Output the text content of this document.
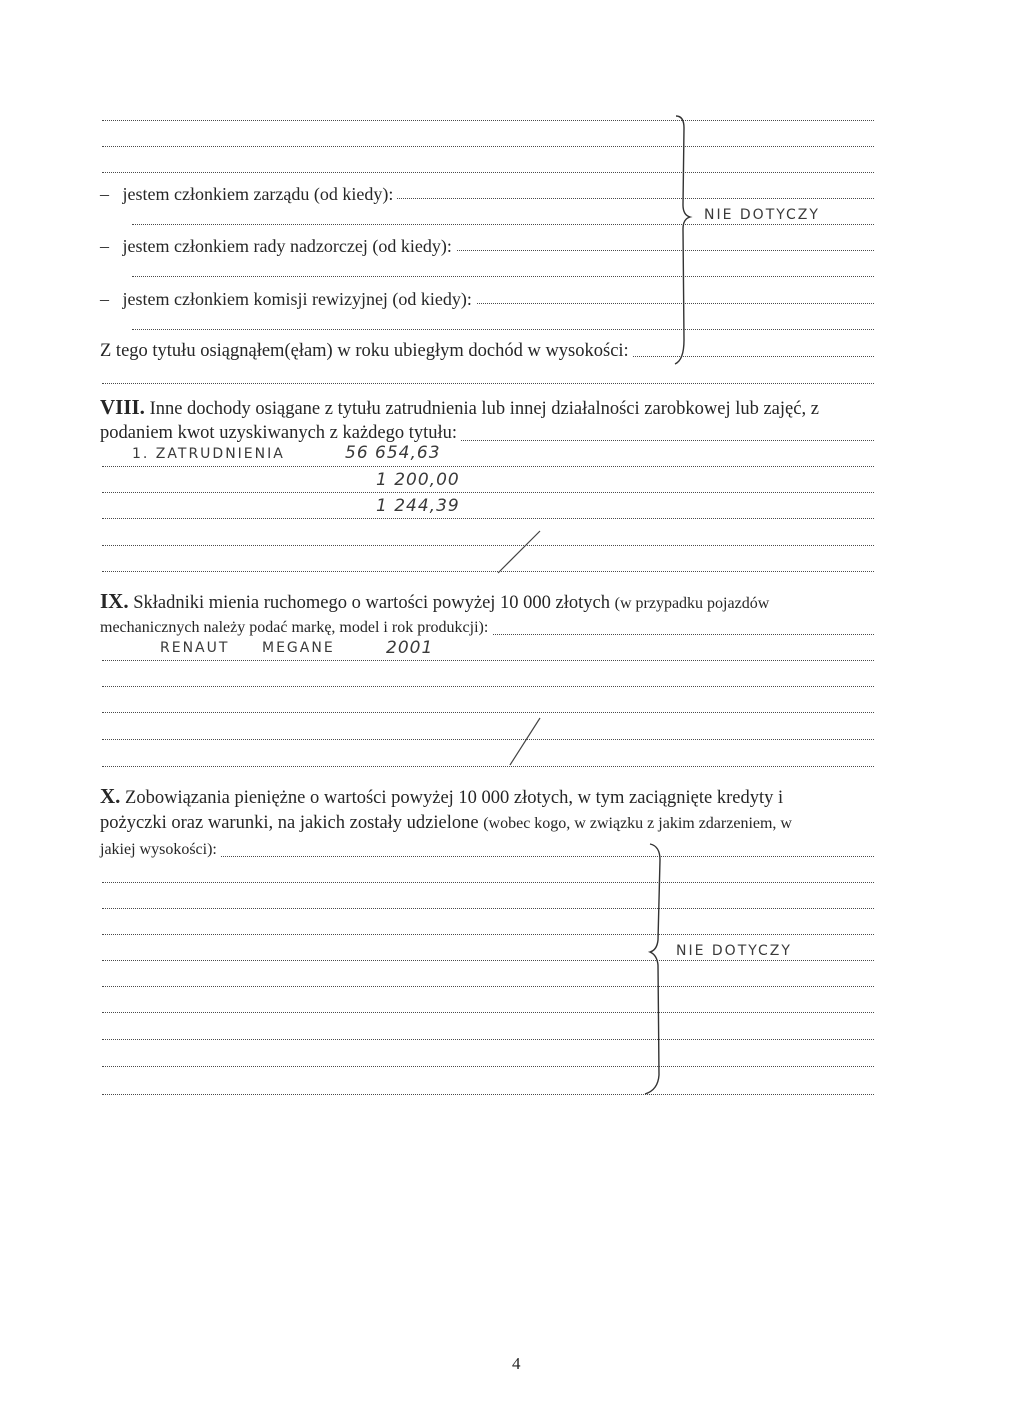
–   jestem członkiem zarządu (od kiedy):
–   jestem członkiem rady nadzorczej (od kiedy):
–   jestem członkiem komisji rewizyjnej (od kiedy):
Z tego tytułu osiągnąłem(ęłam) w roku ubiegłym dochód w wysokości:
NIE DOTYCZY
VIII. Inne dochody osiągane z tytułu zatrudnienia lub innej działalności zarobkowej lub zajęć, z
podaniem kwot uzyskiwanych z każdego tytułu:
1. ZATRUDNIENIA	56 654,63
1 200,00
1 244,39
IX. Składniki mienia ruchomego o wartości powyżej 10 000 złotych (w przypadku pojazdów
mechanicznych należy podać markę, model i rok produkcji):
RENAUT MEGANE	2001
X. Zobowiązania pieniężne o wartości powyżej 10 000 złotych, w tym zaciągnięte kredyty i
pożyczki oraz warunki, na jakich zostały udzielone (wobec kogo, w związku z jakim zdarzeniem, w
jakiej wysokości):
NIE DOTYCZY
4
